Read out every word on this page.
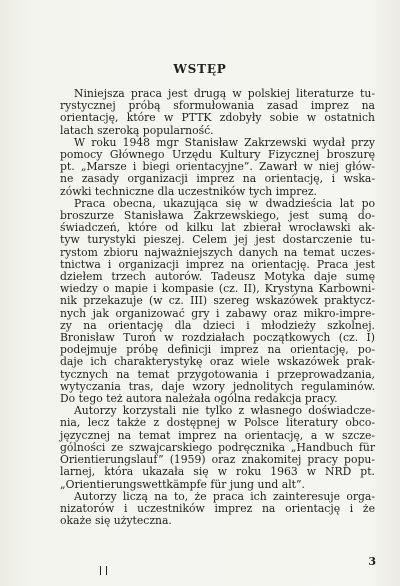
WSTĘP
Niniejsza praca jest drugą w polskiej literaturze tu-
rystycznej próbą sformułowania zasad imprez na
orientację, które w PTTK zdobyły sobie w ostatnich
latach szeroką popularność.
W roku 1948 mgr Stanisław Zakrzewski wydał przy
pomocy Głównego Urzędu Kultury Fizycznej broszurę
pt. „Marsze i biegi orientacyjne”. Zawarł w niej głów-
ne zasady organizacji imprez na orientację, i wska-
zówki techniczne dla uczestników tych imprez.
Praca obecna, ukazująca się w dwadzieścia lat po
broszurze Stanisława Zakrzewskiego, jest sumą do-
świadczeń, które od kilku lat zbierał wrocławski ak-
tyw turystyki pieszej. Celem jej jest dostarczenie tu-
rystom zbioru najważniejszych danych na temat uczes-
tnictwa i organizacji imprez na orientację. Praca jest
dziełem trzech autorów. Tadeusz Motyka daje sumę
wiedzy o mapie i kompasie (cz. II), Krystyna Karbowni-
nik przekazuje (w cz. III) szereg wskazówek praktycz-
nych jak organizować gry i zabawy oraz mikro-impre-
zy na orientację dla dzieci i młodzieży szkolnej.
Bronisław Turoń w rozdziałach początkowych (cz. I)
podejmuje próbę definicji imprez na orientację, po-
daje ich charakterystykę oraz wiele wskazówek prak-
tycznych na temat przygotowania i przeprowadzania,
wytyczania tras, daje wzory jednolitych regulaminów.
Do tego też autora należała ogólna redakcja pracy.
Autorzy korzystali nie tylko z własnego doświadcze-
nia, lecz także z dostępnej w Polsce literatury obco-
języcznej na temat imprez na orientację, a w szcze-
gólności ze szwajcarskiego podręcznika „Handbuch für
Orientierungslauf” (1959) oraz znakomitej pracy popu-
larnej, która ukazała się w roku 1963 w NRD pt.
„Orientierungswettkämpfe für jung und alt”.
Autorzy liczą na to, że praca ich zainteresuje orga-
nizatorów i uczestników imprez na orientację i że
okaże się użyteczna.
3
